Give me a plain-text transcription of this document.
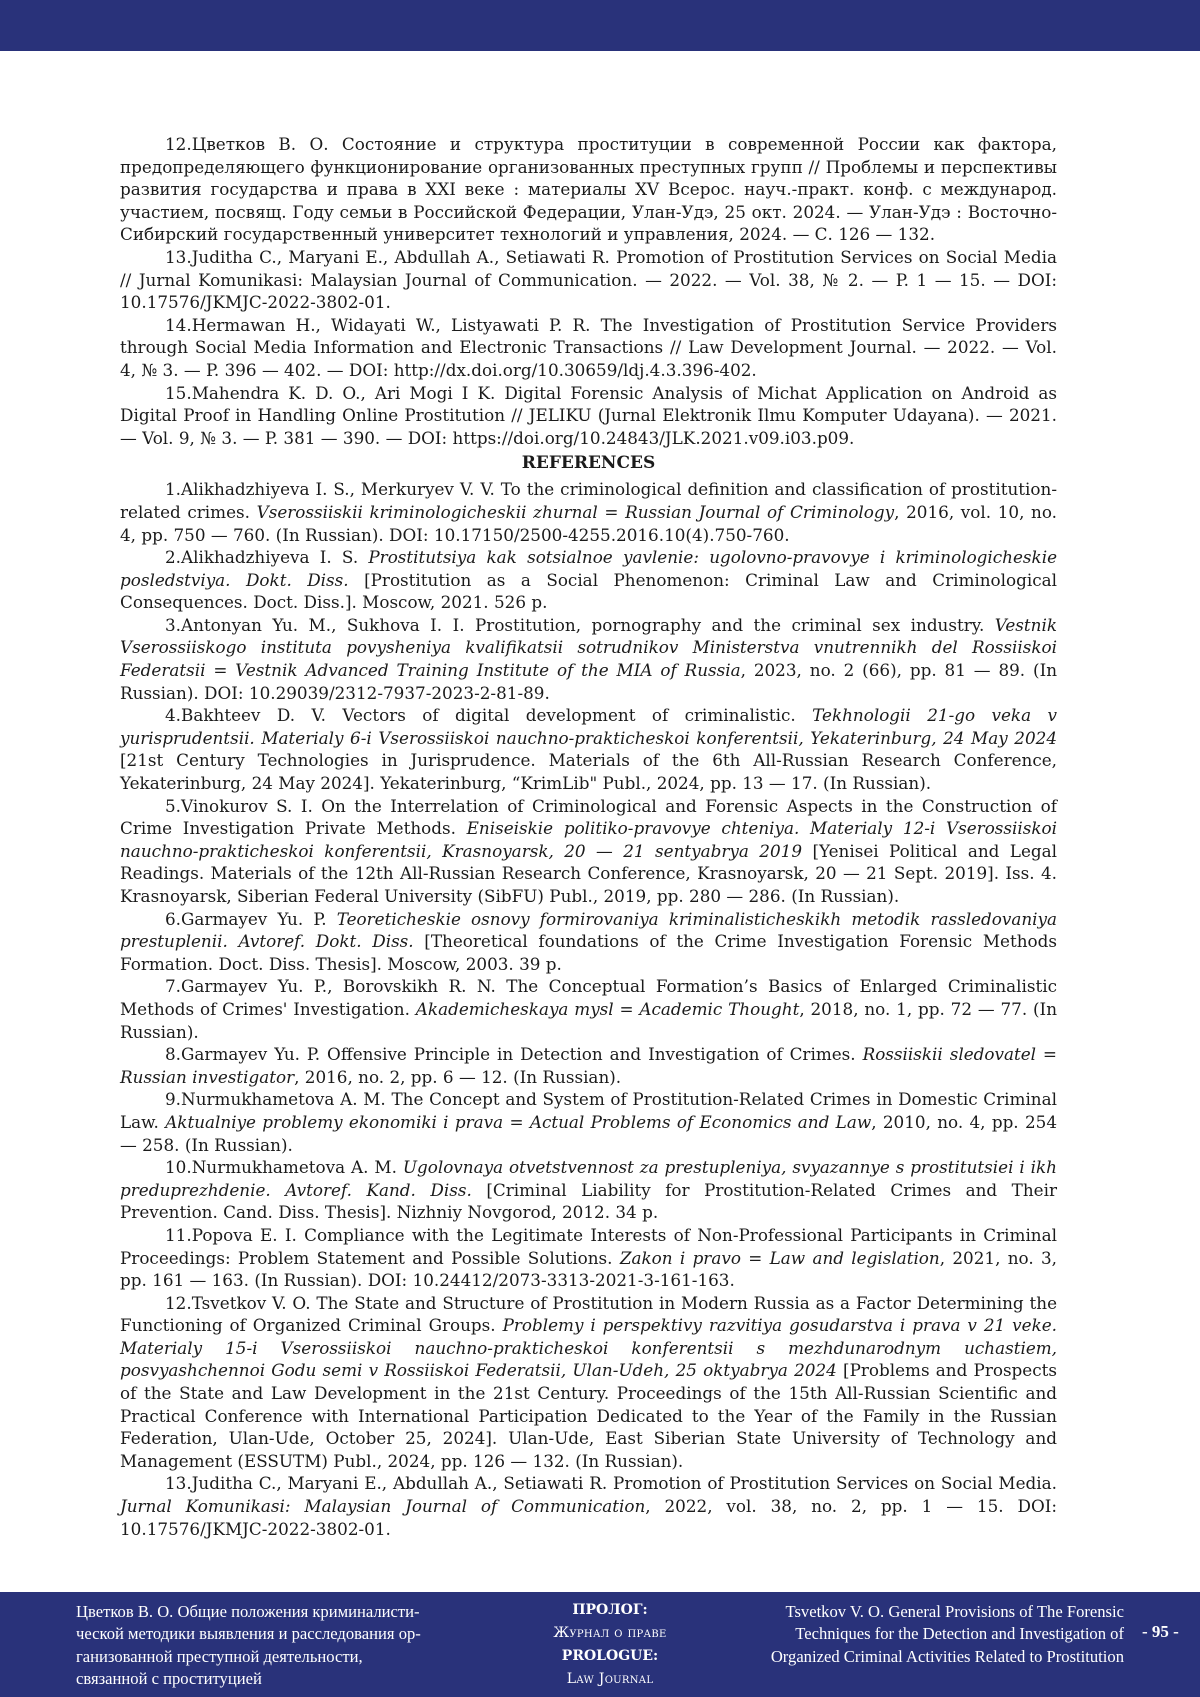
12.Цветков В. О. Состояние и структура проституции в современной России как фактора, предопределяющего функционирование организованных преступных групп // Проблемы и перспективы развития государства и права в XXI веке : материалы XV Всерос. науч.-практ. конф. с международ. участием, посвящ. Году семьи в Российской Федерации, Улан-Удэ, 25 окт. 2024. — Улан-Удэ : Восточно-Сибирский государственный университет технологий и управления, 2024. — С. 126 — 132.

13.Juditha C., Maryani E., Abdullah A., Setiawati R. Promotion of Prostitution Services on Social Media // Jurnal Komunikasi: Malaysian Journal of Communication. — 2022. — Vol. 38, № 2. — P. 1 — 15. — DOI: 10.17576/JKMJC-2022-3802-01.

14.Hermawan H., Widayati W., Listyawati P. R. The Investigation of Prostitution Service Providers through Social Media Information and Electronic Transactions // Law Development Journal. — 2022. — Vol. 4, № 3. — P. 396 — 402. — DOI: http://dx.doi.org/10.30659/ldj.4.3.396-402.

15.Mahendra K. D. O., Ari Mogi I K. Digital Forensic Analysis of Michat Application on Android as Digital Proof in Handling Online Prostitution // JELIKU (Jurnal Elektronik Ilmu Komputer Udayana). — 2021. — Vol. 9, № 3. — P. 381 — 390. — DOI: https://doi.org/10.24843/JLK.2021.v09.i03.p09.

REFERENCES

1.Alikhadzhiyeva I. S., Merkuryev V. V. To the criminological definition and classification of prostitution-related crimes. Vserossiiskii kriminologicheskii zhurnal = Russian Journal of Criminology, 2016, vol. 10, no. 4, pp. 750 — 760. (In Russian). DOI: 10.17150/2500-4255.2016.10(4).750-760.

2.Alikhadzhiyeva I. S. Prostitutsiya kak sotsialnoe yavlenie: ugolovno-pravovye i kriminologicheskie posledstviya. Dokt. Diss. [Prostitution as a Social Phenomenon: Criminal Law and Criminological Consequences. Doct. Diss.]. Moscow, 2021. 526 p.

3.Antonyan Yu. M., Sukhova I. I. Prostitution, pornography and the criminal sex industry. Vestnik Vserossiiskogo instituta povysheniya kvalifikatsii sotrudnikov Ministerstva vnutrennikh del Rossiiskoi Federatsii = Vestnik Advanced Training Institute of the MIA of Russia, 2023, no. 2 (66), pp. 81 — 89. (In Russian). DOI: 10.29039/2312-7937-2023-2-81-89.

4.Bakhteev D. V. Vectors of digital development of criminalistic. Tekhnologii 21-go veka v yurisprudentsii. Materialy 6-i Vserossiiskoi nauchno-prakticheskoi konferentsii, Yekaterinburg, 24 May 2024 [21st Century Technologies in Jurisprudence. Materials of the 6th All-Russian Research Conference, Yekaterinburg, 24 May 2024]. Yekaterinburg, “KrimLib" Publ., 2024, pp. 13 — 17. (In Russian).

5.Vinokurov S. I. On the Interrelation of Criminological and Forensic Aspects in the Construction of Crime Investigation Private Methods. Eniseiskie politiko-pravovye chteniya. Materialy 12-i Vserossiiskoi nauchno-prakticheskoi konferentsii, Krasnoyarsk, 20 — 21 sentyabrya 2019 [Yenisei Political and Legal Readings. Materials of the 12th All-Russian Research Conference, Krasnoyarsk, 20 — 21 Sept. 2019]. Iss. 4. Krasnoyarsk, Siberian Federal University (SibFU) Publ., 2019, pp. 280 — 286. (In Russian).

6.Garmayev Yu. P. Teoreticheskie osnovy formirovaniya kriminalisticheskikh metodik rassledovaniya prestuplenii. Avtoref. Dokt. Diss. [Theoretical foundations of the Crime Investigation Forensic Methods Formation. Doct. Diss. Thesis]. Moscow, 2003. 39 p.

7.Garmayev Yu. P., Borovskikh R. N. The Conceptual Formation’s Basics of Enlarged Criminalistic Methods of Crimes' Investigation. Akademicheskaya mysl = Academic Thought, 2018, no. 1, pp. 72 — 77. (In Russian).

8.Garmayev Yu. P. Offensive Principle in Detection and Investigation of Crimes. Rossiiskii sledovatel = Russian investigator, 2016, no. 2, pp. 6 — 12. (In Russian).

9.Nurmukhametova A. M. The Concept and System of Prostitution-Related Crimes in Domestic Criminal Law. Aktualniye problemy ekonomiki i prava = Actual Problems of Economics and Law, 2010, no. 4, pp. 254 — 258. (In Russian).

10.Nurmukhametova A. M. Ugolovnaya otvetstvennost za prestupleniya, svyazannye s prostitutsiei i ikh preduprezhdenie. Avtoref. Kand. Diss. [Criminal Liability for Prostitution-Related Crimes and Their Prevention. Cand. Diss. Thesis]. Nizhniy Novgorod, 2012. 34 p.

11.Popova E. I. Compliance with the Legitimate Interests of Non-Professional Participants in Criminal Proceedings: Problem Statement and Possible Solutions. Zakon i pravo = Law and legislation, 2021, no. 3, pp. 161 — 163. (In Russian). DOI: 10.24412/2073-3313-2021-3-161-163.

12.Tsvetkov V. O. The State and Structure of Prostitution in Modern Russia as a Factor Determining the Functioning of Organized Criminal Groups. Problemy i perspektivy razvitiya gosudarstva i prava v 21 veke. Materialy 15-i Vserossiiskoi nauchno-prakticheskoi konferentsii s mezhdunarodnym uchastiem, posvyashchennoi Godu semi v Rossiiskoi Federatsii, Ulan-Udeh, 25 oktyabrya 2024 [Problems and Prospects of the State and Law Development in the 21st Century. Proceedings of the 15th All-Russian Scientific and Practical Conference with International Participation Dedicated to the Year of the Family in the Russian Federation, Ulan-Ude, October 25, 2024]. Ulan-Ude, East Siberian State University of Technology and Management (ESSUTM) Publ., 2024, pp. 126 — 132. (In Russian).

13.Juditha C., Maryani E., Abdullah A., Setiawati R. Promotion of Prostitution Services on Social Media. Jurnal Komunikasi: Malaysian Journal of Communication, 2022, vol. 38, no. 2, pp. 1 — 15. DOI: 10.17576/JKMJC-2022-3802-01.

Цветков В. О. Общие положения криминалисти-
ческой методики выявления и расследования ор-
ганизованной преступной деятельности,
связанной с проституцией
ПРОЛОГ:
Журнал о праве
PROLOGUE:
Law Journal
Tsvetkov V. O. General Provisions of The Forensic
Techniques for the Detection and Investigation of
Organized Criminal Activities Related to Prostitution
- 95 -
